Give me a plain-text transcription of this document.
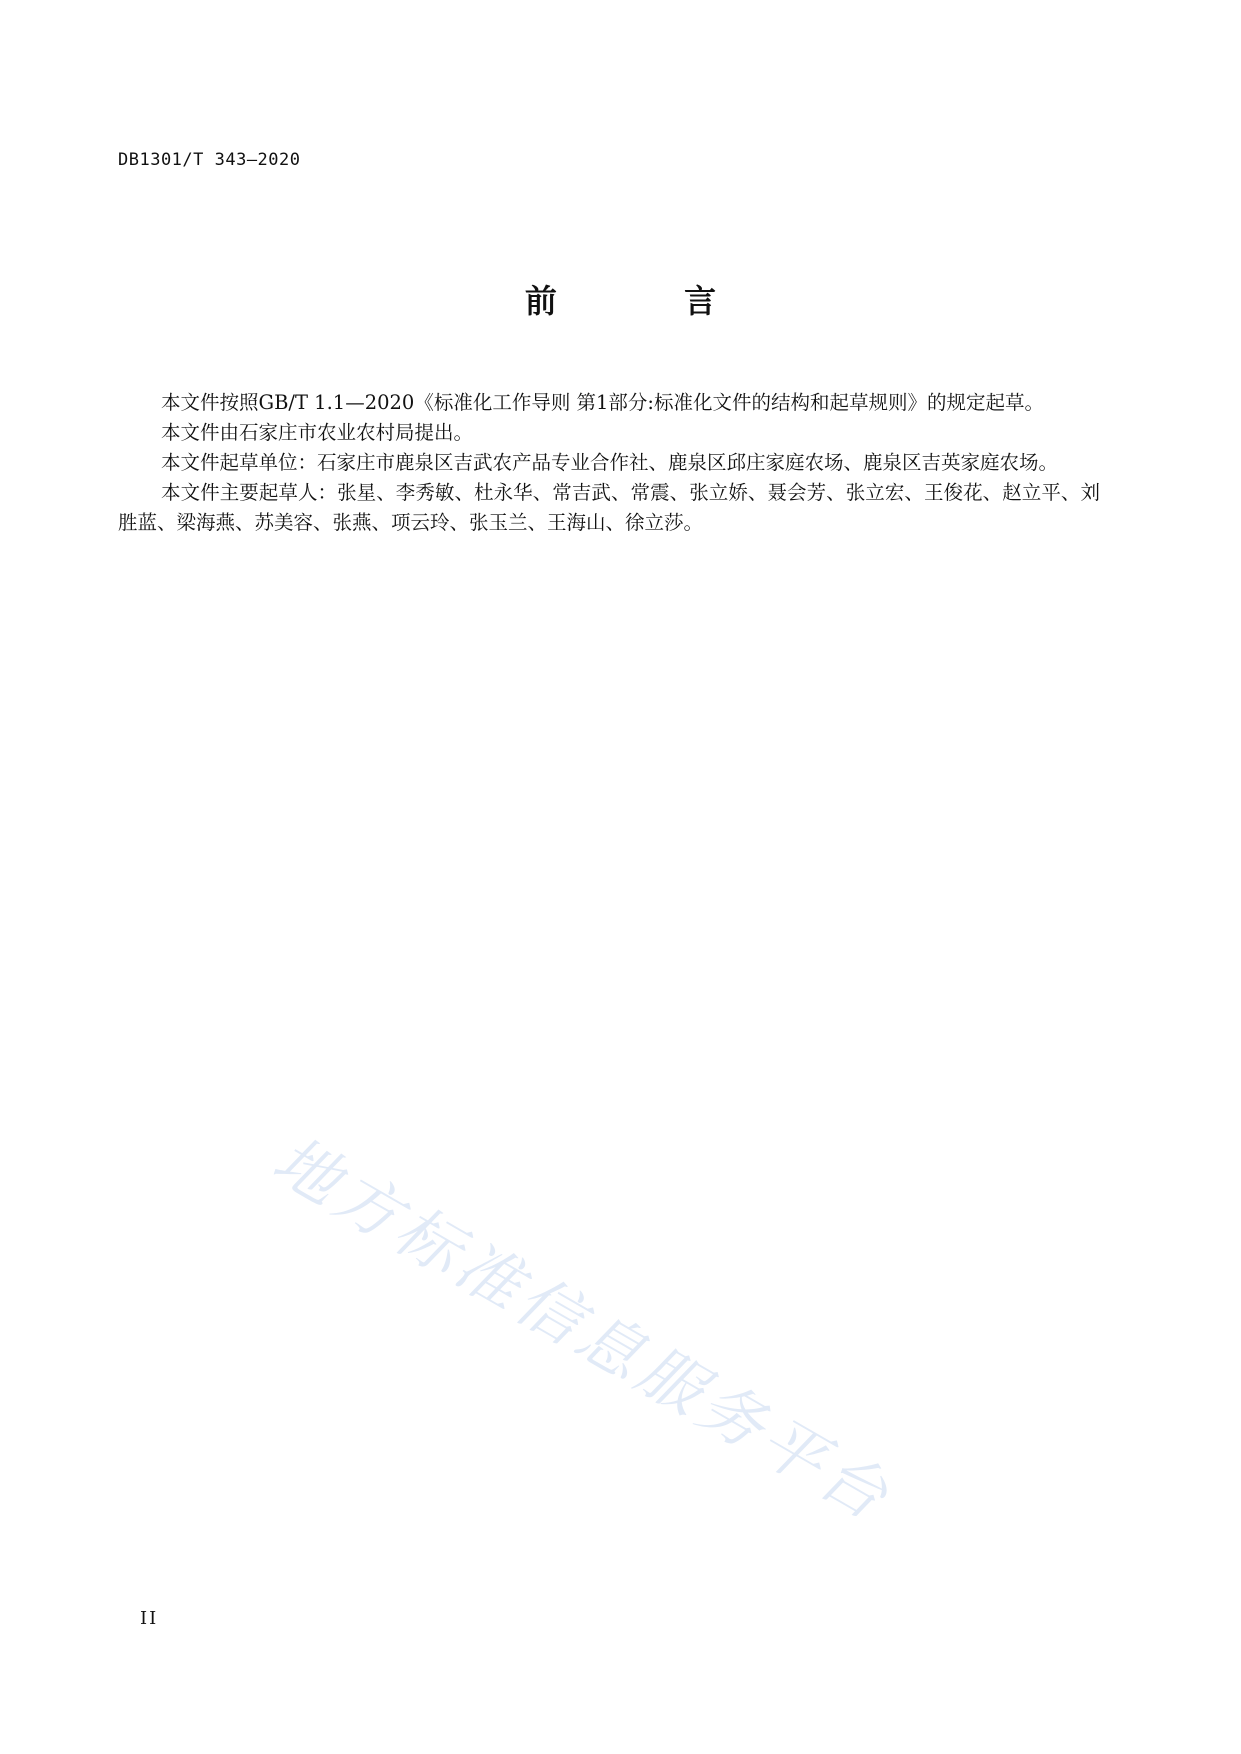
DB1301/T 343—2020
前 言

本文件按照GB/T 1.1—2020《标准化工作导则 第1部分:标准化文件的结构和起草规则》的规定起草。

本文件由石家庄市农业农村局提出。

本文件起草单位：石家庄市鹿泉区吉武农产品专业合作社、鹿泉区邱庄家庭农场、鹿泉区吉英家庭农场。

本文件主要起草人：张星、李秀敏、杜永华、常吉武、常震、张立娇、聂会芳、张立宏、王俊花、赵立平、刘胜蓝、梁海燕、苏美容、张燕、项云玲、张玉兰、王海山、徐立莎。

地方标准信息服务平台
II
